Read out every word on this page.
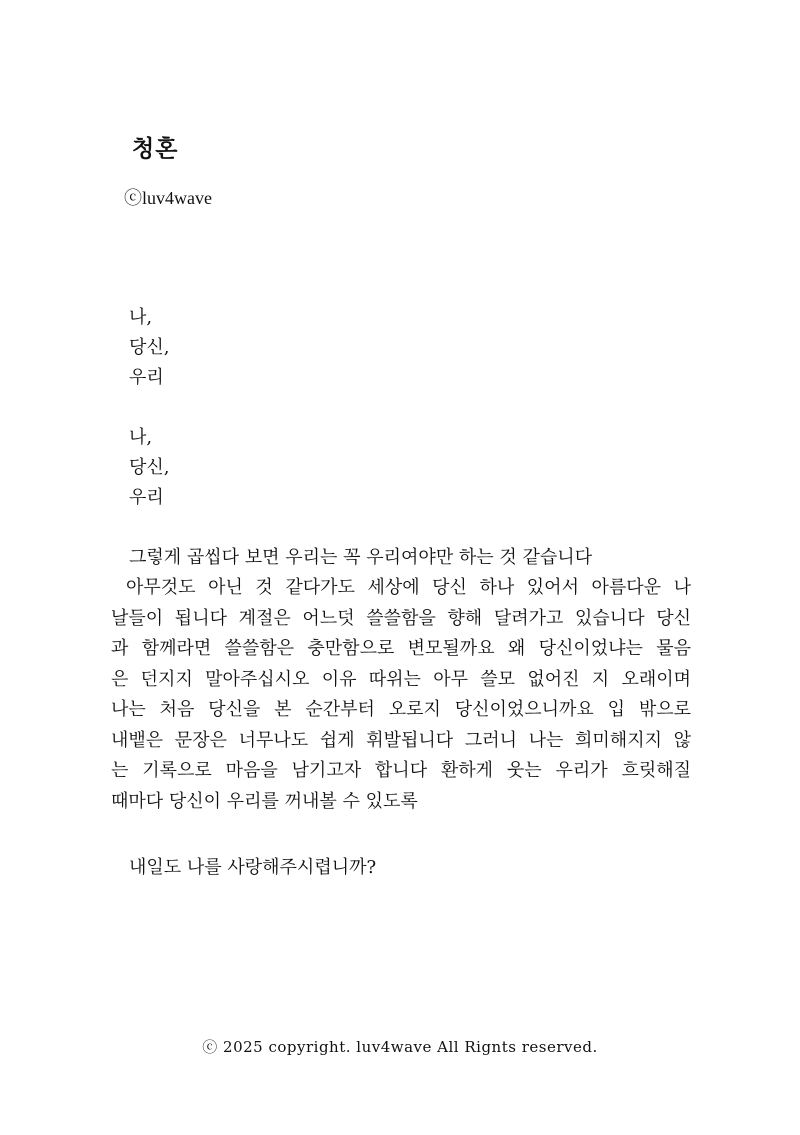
청혼

ⓒluv4wave

나,
당신,
우리
나,
당신,
우리

그렇게 곱씹다 보면 우리는 꼭 우리여야만 하는 것 같습니다

아무것도 아닌 것 같다가도 세상에 당신 하나 있어서 아름다운 나
날들이 됩니다 계절은 어느덧 쓸쓸함을 향해 달려가고 있습니다 당신
과 함께라면 쓸쓸함은 충만함으로 변모될까요 왜 당신이었냐는 물음
은 던지지 말아주십시오 이유 따위는 아무 쓸모 없어진 지 오래이며
나는 처음 당신을 본 순간부터 오로지 당신이었으니까요 입 밖으로
내뱉은 문장은 너무나도 쉽게 휘발됩니다 그러니 나는 희미해지지 않
는 기록으로 마음을 남기고자 합니다 환하게 웃는 우리가 흐릿해질
때마다 당신이 우리를 꺼내볼 수 있도록

내일도 나를 사랑해주시렵니까?

ⓒ 2025 copyright. luv4wave All Rignts reserved.
